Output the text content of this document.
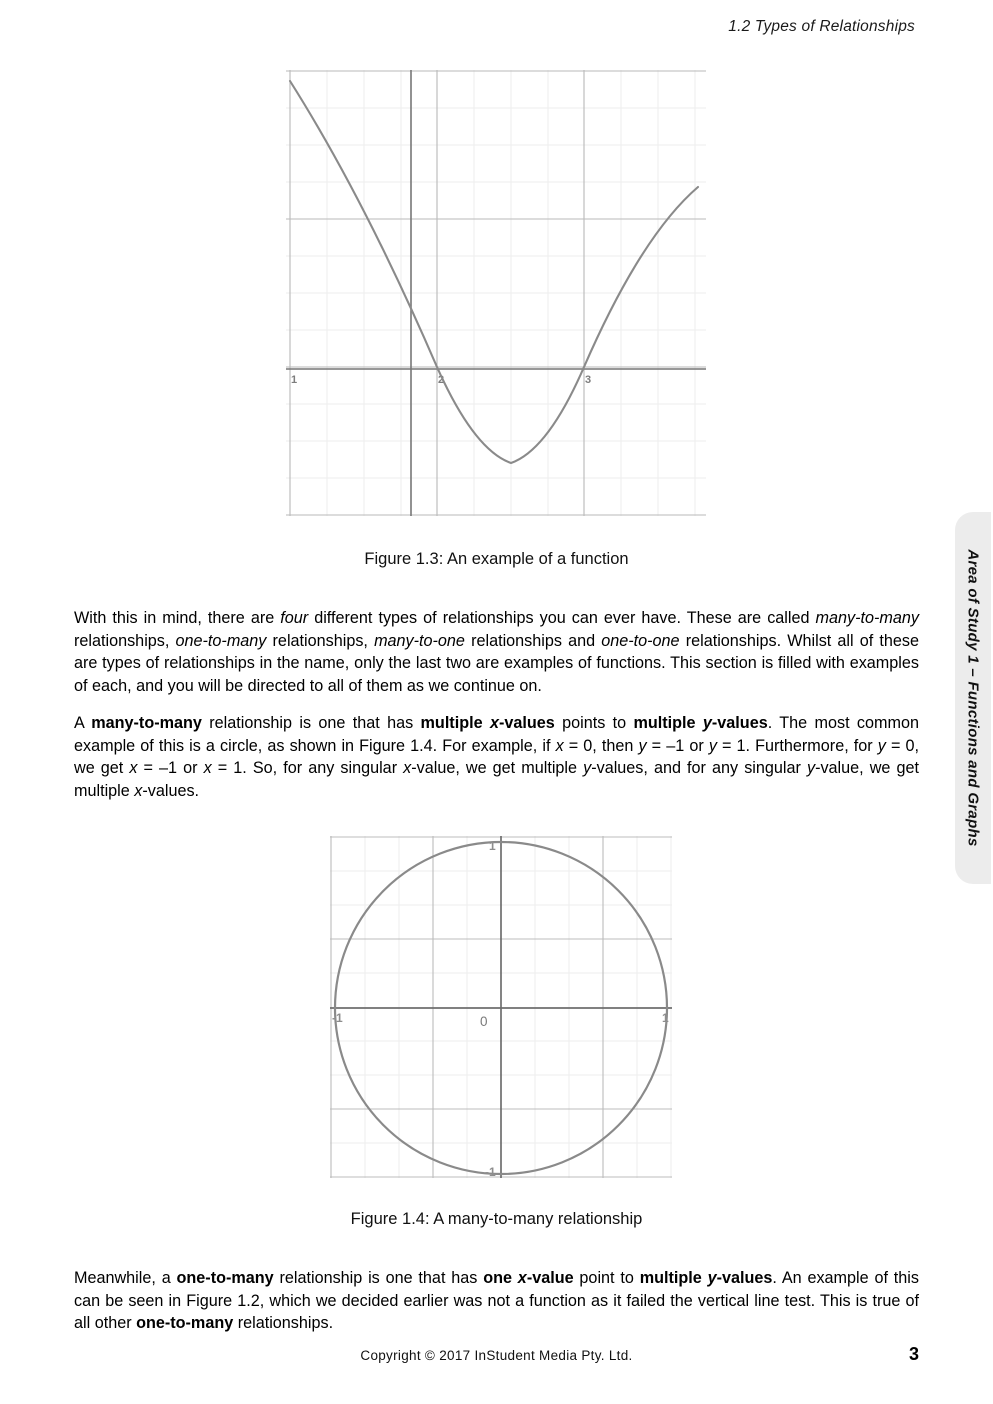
1.2 Types of Relationships
Area of Study 1 – Functions and Graphs
1	2	3
Figure 1.3: An example of a function
With this in mind, there are four different types of relationships you can ever have. These are called many-to-many relationships, one-to-many relationships, many-to-one relationships and one-to-one relationships. Whilst all of these are types of relationships in the name, only the last two are examples of functions. This section is filled with examples of each, and you will be directed to all of them as we continue on.
A many-to-many relationship is one that has multiple x-values points to multiple y-values. The most common example of this is a circle, as shown in Figure 1.4. For example, if x = 0, then y = –1 or y = 1. Furthermore, for y = 0, we get x = –1 or x = 1. So, for any singular x-value, we get multiple y-values, and for any singular y-value, we get multiple x-values.
1
-1
-1	1
0
Figure 1.4: A many-to-many relationship
Meanwhile, a one-to-many relationship is one that has one x-value point to multiple y-values. An example of this can be seen in Figure 1.2, which we decided earlier was not a function as it failed the vertical line test. This is true of all other one-to-many relationships.
Copyright © 2017 InStudent Media Pty. Ltd.	3
